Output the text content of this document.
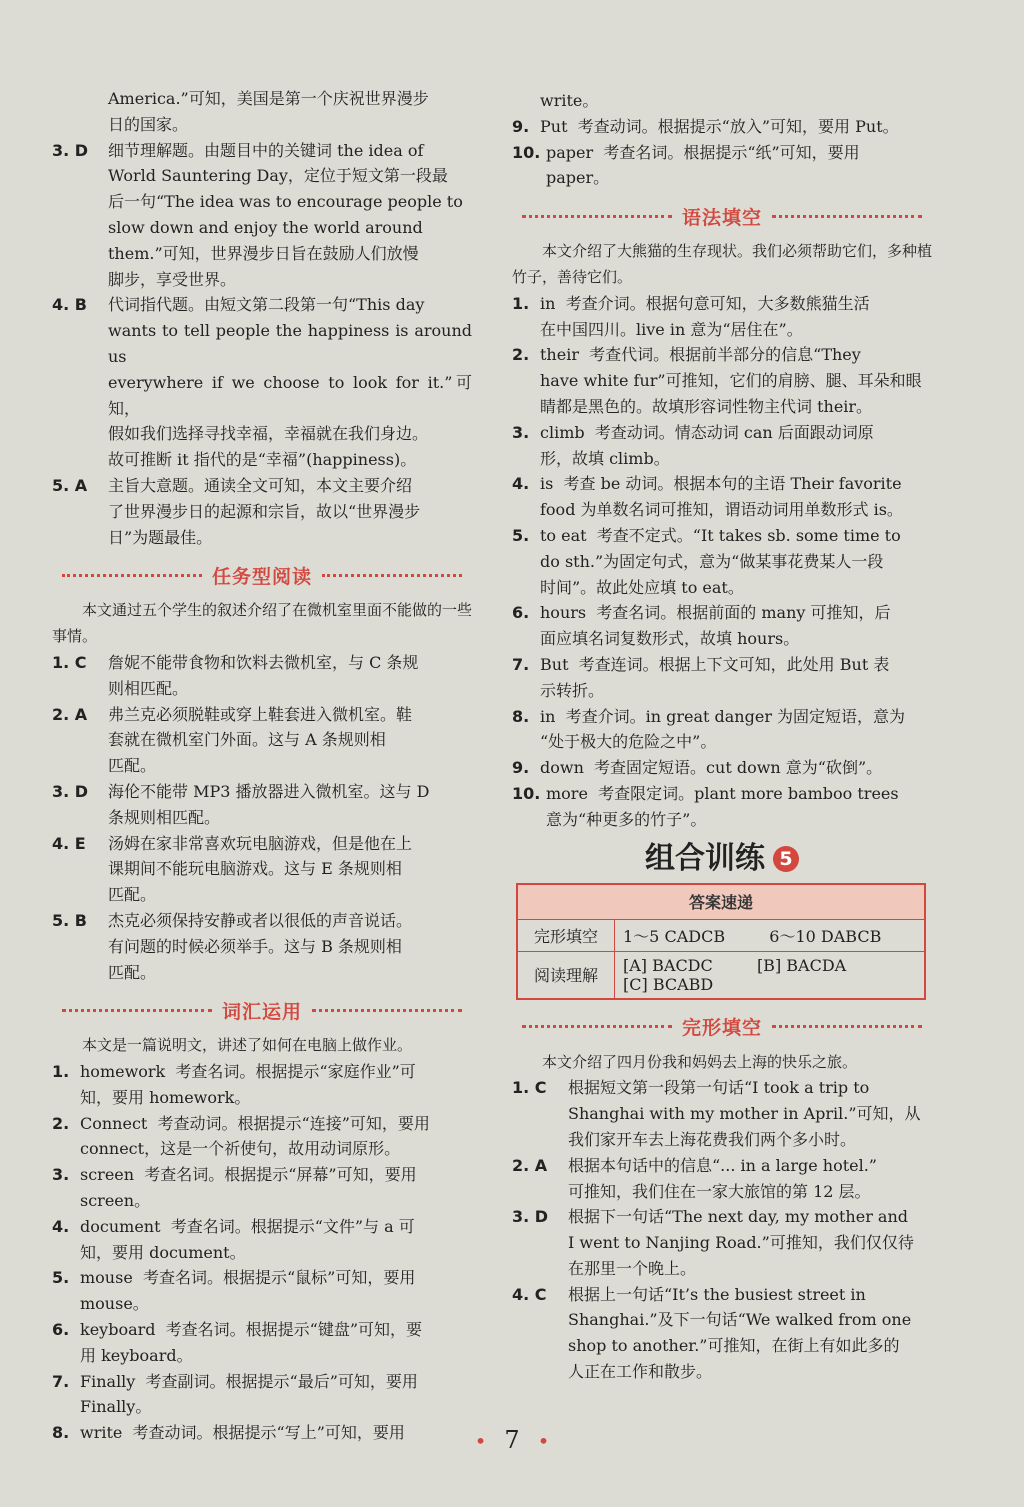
America.”可知，美国是第一个庆祝世界漫步
日的国家。
3. D	细节理解题。由题目中的关键词 the idea of
World Sauntering Day，定位于短文第一段最
后一句“The idea was to encourage people to
slow down and enjoy the world around
them.”可知，世界漫步日旨在鼓励人们放慢
脚步，享受世界。
4. B	代词指代题。由短文第二段第一句“This day
wants to tell people the happiness is around us
everywhere if we choose to look for it.”可知，
假如我们选择寻找幸福，幸福就在我们身边。
故可推断 it 指代的是“幸福”(happiness)。
5. A	主旨大意题。通读全文可知，本文主要介绍
了世界漫步日的起源和宗旨，故以“世界漫步
日”为题最佳。
任务型阅读
本文通过五个学生的叙述介绍了在微机室里面不能做的一些事情。
1. C	詹妮不能带食物和饮料去微机室，与 C 条规
则相匹配。
2. A	弗兰克必须脱鞋或穿上鞋套进入微机室。鞋
套就在微机室门外面。这与 A 条规则相
匹配。
3. D	海伦不能带 MP3 播放器进入微机室。这与 D
条规则相匹配。
4. E	汤姆在家非常喜欢玩电脑游戏，但是他在上
课期间不能玩电脑游戏。这与 E 条规则相
匹配。
5. B	杰克必须保持安静或者以很低的声音说话。
有问题的时候必须举手。这与 B 条规则相
匹配。
词汇运用
本文是一篇说明文，讲述了如何在电脑上做作业。
1. homework  考查名词。根据提示“家庭作业”可
知，要用 homework。
2. Connect  考查动词。根据提示“连接”可知，要用
connect，这是一个祈使句，故用动词原形。
3. screen  考查名词。根据提示“屏幕”可知，要用
screen。
4. document  考查名词。根据提示“文件”与 a 可
知，要用 document。
5. mouse  考查名词。根据提示“鼠标”可知，要用
mouse。
6. keyboard  考查名词。根据提示“键盘”可知，要
用 keyboard。
7. Finally  考查副词。根据提示“最后”可知，要用
Finally。
8. write  考查动词。根据提示“写上”可知，要用
write。
9. Put  考查动词。根据提示“放入”可知，要用 Put。
10. paper  考查名词。根据提示“纸”可知，要用
paper。
语法填空
本文介绍了大熊猫的生存现状。我们必须帮助它们，多种植竹子，善待它们。
1. in  考查介词。根据句意可知，大多数熊猫生活
在中国四川。live in 意为“居住在”。
2. their  考查代词。根据前半部分的信息“They
have white fur”可推知，它们的肩膀、腿、耳朵和眼
睛都是黑色的。故填形容词性物主代词 their。
3. climb  考查动词。情态动词 can 后面跟动词原
形，故填 climb。
4. is  考查 be 动词。根据本句的主语 Their favorite
food 为单数名词可推知，谓语动词用单数形式 is。
5. to eat  考查不定式。“It takes sb. some time to
do sth.”为固定句式，意为“做某事花费某人一段
时间”。故此处应填 to eat。
6. hours  考查名词。根据前面的 many 可推知，后
面应填名词复数形式，故填 hours。
7. But  考查连词。根据上下文可知，此处用 But 表
示转折。
8. in  考查介词。in great danger 为固定短语，意为
“处于极大的危险之中”。
9. down  考查固定短语。cut down 意为“砍倒”。
10. more  考查限定词。plant more bamboo trees
意为“种更多的竹子”。
组合训练 5
答案速递	
完形填空	1～5 CADCB 6～10 DABCB
阅读理解	[A] BACDC [B] BACDA
[C] BCABD
完形填空
本文介绍了四月份我和妈妈去上海的快乐之旅。
1. C	根据短文第一段第一句话“I took a trip to
Shanghai with my mother in April.”可知，从
我们家开车去上海花费我们两个多小时。
2. A	根据本句话中的信息“... in a large hotel.”
可推知，我们住在一家大旅馆的第 12 层。
3. D	根据下一句话“The next day, my mother and
I went to Nanjing Road.”可推知，我们仅仅待
在那里一个晚上。
4. C	根据上一句话“It’s the busiest street in
Shanghai.”及下一句话“We walked from one
shop to another.”可推知，在街上有如此多的
人正在工作和散步。
• 7 •
